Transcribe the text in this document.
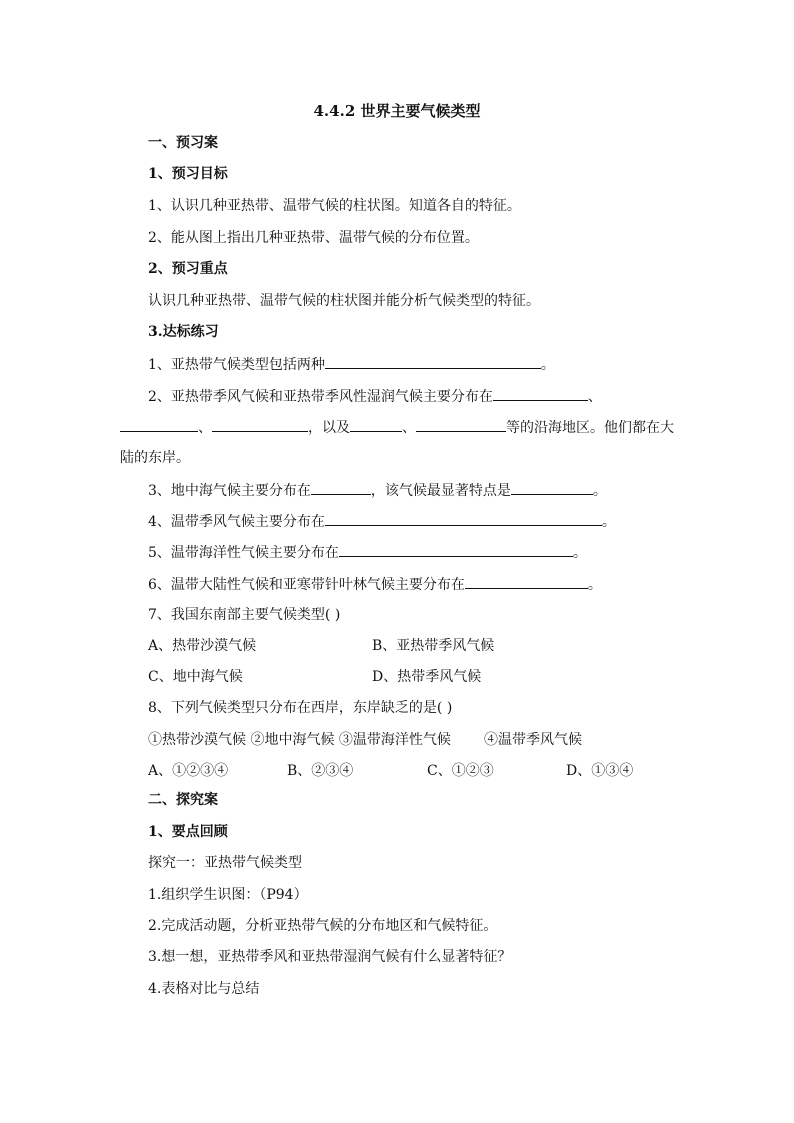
4.4.2 世界主要气候类型
一、预习案
1、预习目标
1、认识几种亚热带、温带气候的柱状图。知道各自的特征。
2、能从图上指出几种亚热带、温带气候的分布位置。
2、预习重点
认识几种亚热带、温带气候的柱状图并能分析气候类型的特征。
3.达标练习
1、亚热带气候类型包括两种	。
2、亚热带季风气候和亚热带季风性湿润气候主要分布在	、
、	，以及	、	等的沿海地区。他们都在大
陆的东岸。
3、地中海气候主要分布在	，该气候最显著特点是	。
4、温带季风气候主要分布在	。
5、温带海洋性气候主要分布在	。
6、温带大陆性气候和亚寒带针叶林气候主要分布在	。
7、我国东南部主要气候类型( )
A、热带沙漠气候	B、亚热带季风气候
C、地中海气候	D、热带季风气候
8、下列气候类型只分布在西岸，东岸缺乏的是( )
①热带沙漠气候 ②地中海气候 ③温带海洋性气候 ④温带季风气候
A、①②③④	B、②③④	C、①②③	D、①③④
二、探究案
1、要点回顾
探究一：亚热带气候类型
1.组织学生识图：（P94）
2.完成活动题，分析亚热带气候的分布地区和气候特征。
3.想一想，亚热带季风和亚热带湿润气候有什么显著特征？
4.表格对比与总结
